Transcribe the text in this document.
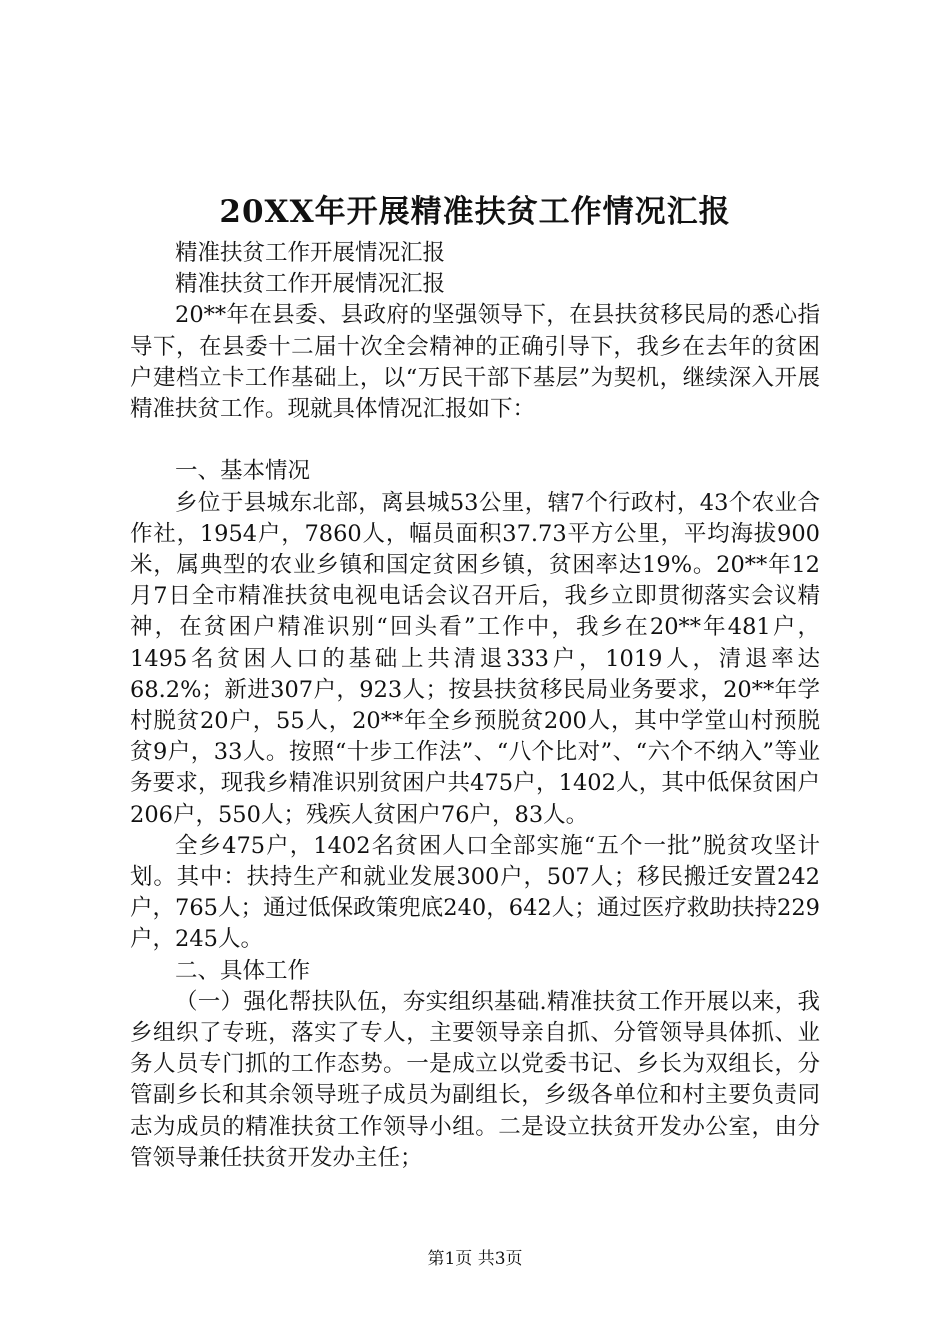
20XX年开展精准扶贫工作情况汇报

精准扶贫工作开展情况汇报

精准扶贫工作开展情况汇报

20**年在县委、县政府的坚强领导下，在县扶贫移民局的悉心指导下，在县委十二届十次全会精神的正确引导下，我乡在去年的贫困户建档立卡工作基础上，以“万民干部下基层”为契机，继续深入开展精准扶贫工作。现就具体情况汇报如下：

一、基本情况

乡位于县城东北部，离县城53公里，辖7个行政村，43个农业合作社，1954户，7860人，幅员面积37.73平方公里，平均海拔900米，属典型的农业乡镇和国定贫困乡镇，贫困率达19%。20**年12月7日全市精准扶贫电视电话会议召开后，我乡立即贯彻落实会议精神，在贫困户精准识别“回头看”工作中，我乡在20**年481户，1495名贫困人口的基础上共清退333户，1019人，清退率达68.2%；新进307户，923人；按县扶贫移民局业务要求，20**年学村脱贫20户，55人，20**年全乡预脱贫200人，其中学堂山村预脱贫9户，33人。按照“十步工作法”、“八个比对”、“六个不纳入”等业务要求，现我乡精准识别贫困户共475户，1402人，其中低保贫困户206户，550人；残疾人贫困户76户，83人。

全乡475户，1402名贫困人口全部实施“五个一批”脱贫攻坚计划。其中：扶持生产和就业发展300户，507人；移民搬迁安置242户，765人；通过低保政策兜底240，642人；通过医疗救助扶持229户，245人。

二、具体工作

（一）强化帮扶队伍，夯实组织基础.精准扶贫工作开展以来，我乡组织了专班，落实了专人，主要领导亲自抓、分管领导具体抓、业务人员专门抓的工作态势。一是成立以党委书记、乡长为双组长，分管副乡长和其余领导班子成员为副组长，乡级各单位和村主要负责同志为成员的精准扶贫工作领导小组。二是设立扶贫开发办公室，由分管领导兼任扶贫开发办主任；

第1页 共3页
